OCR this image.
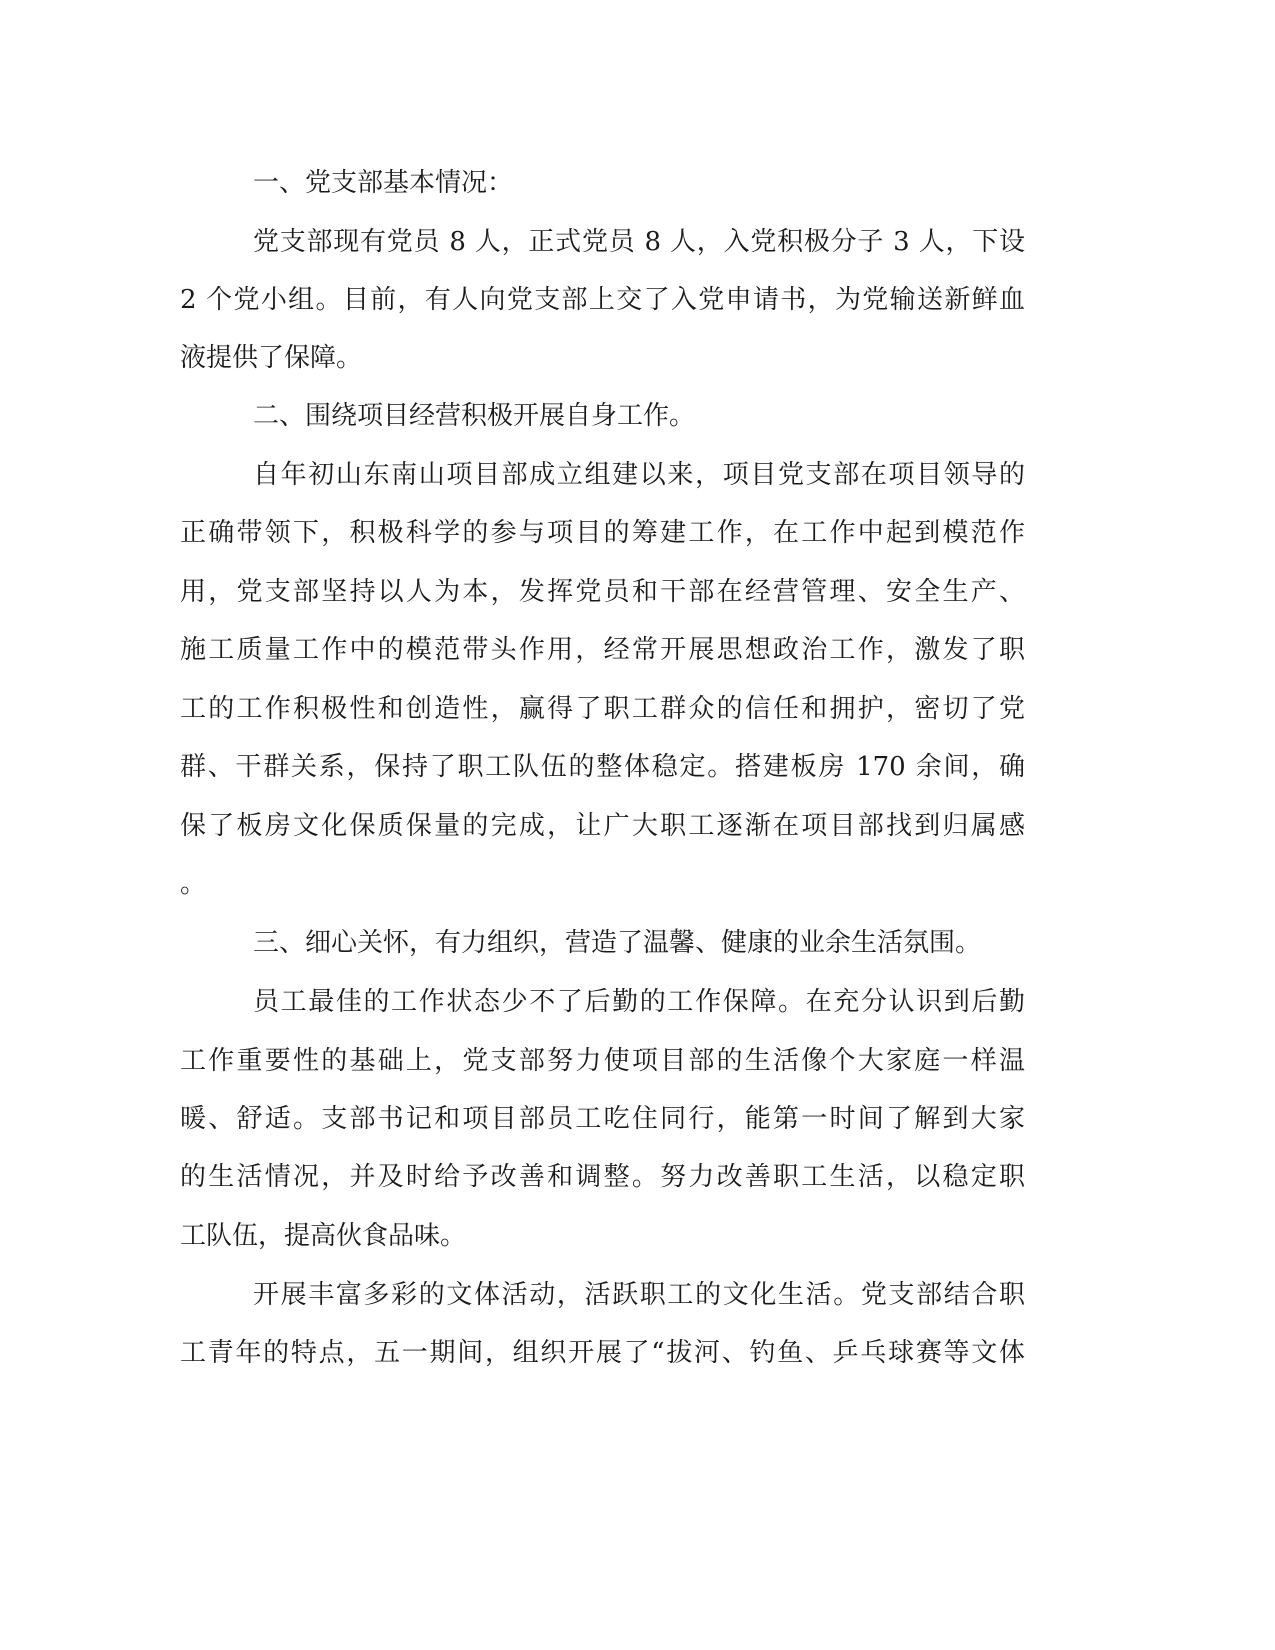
一、党支部基本情况：
党支部现有党员 8 人，正式党员 8 人，入党积极分子 3 人，下设
2 个党小组。目前，有人向党支部上交了入党申请书，为党输送新鲜血
液提供了保障。
二、围绕项目经营积极开展自身工作。
自年初山东南山项目部成立组建以来，项目党支部在项目领导的
正确带领下，积极科学的参与项目的筹建工作，在工作中起到模范作
用，党支部坚持以人为本，发挥党员和干部在经营管理、安全生产、
施工质量工作中的模范带头作用，经常开展思想政治工作，激发了职
工的工作积极性和创造性，赢得了职工群众的信任和拥护，密切了党
群、干群关系，保持了职工队伍的整体稳定。搭建板房 170 余间，确
保了板房文化保质保量的完成，让广大职工逐渐在项目部找到归属感
。
三、细心关怀，有力组织，营造了温馨、健康的业余生活氛围。
员工最佳的工作状态少不了后勤的工作保障。在充分认识到后勤
工作重要性的基础上，党支部努力使项目部的生活像个大家庭一样温
暖、舒适。支部书记和项目部员工吃住同行，能第一时间了解到大家
的生活情况，并及时给予改善和调整。努力改善职工生活，以稳定职
工队伍，提高伙食品味。
开展丰富多彩的文体活动，活跃职工的文化生活。党支部结合职
工青年的特点，五一期间，组织开展了“拔河、钓鱼、乒乓球赛等文体
